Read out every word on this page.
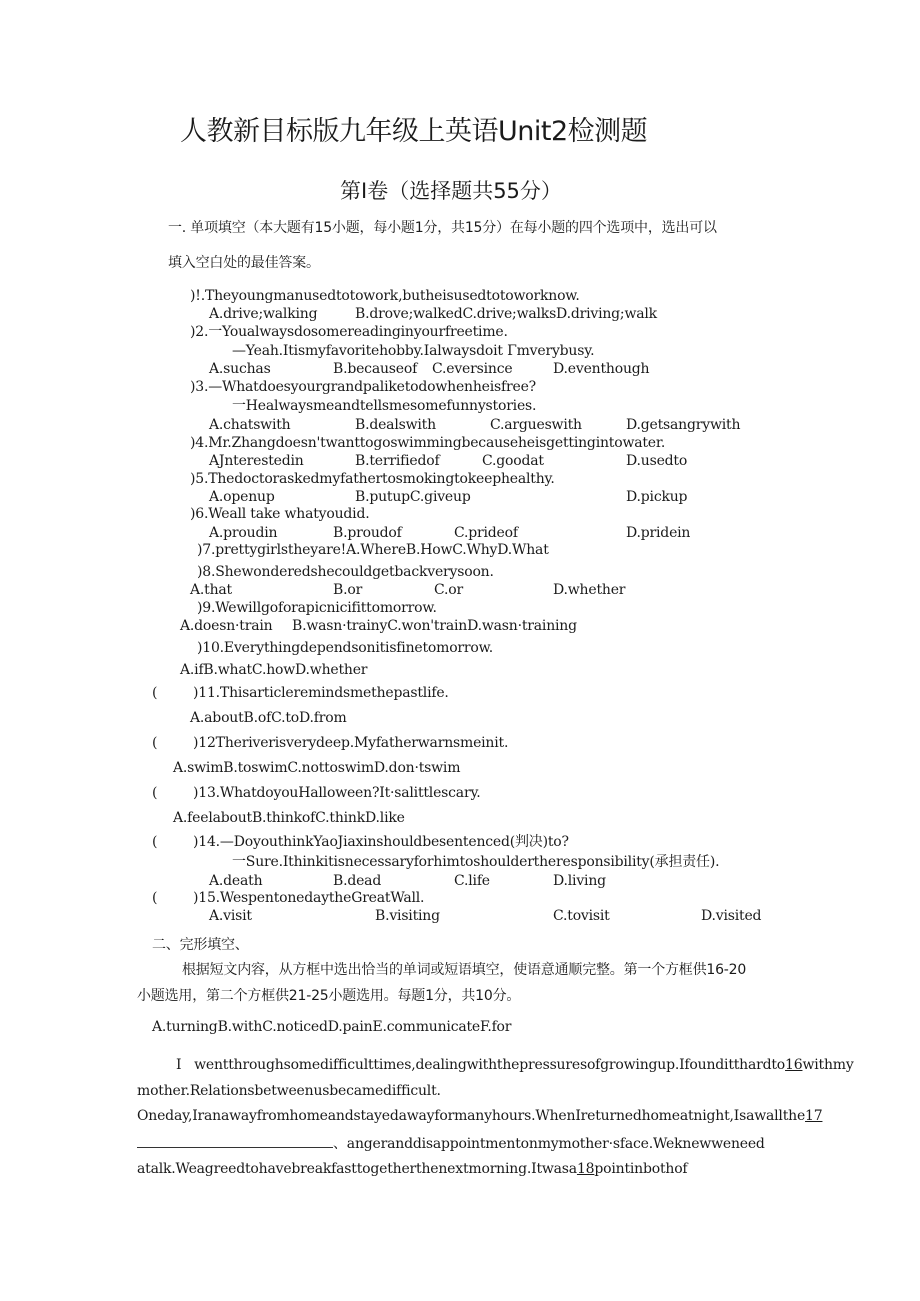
人教新目标版九年级上英语Unit2检测题
第I卷（选择题共55分）
一. 单项填空（本大题有15小题，每小题1分，共15分）在每小题的四个选项中，选出可以
填入空白处的最佳答案。
)!.Theyoungmanusedtotowork,butheisusedtotoworknow.
A.drive;walking	B.drove;walkedC.drive;walksD.driving;walk
)2.一Youalwaysdosomereadinginyourfreetime.
—Yeah.Itismyfavoritehobby.Ialwaysdoit Γmverybusy.
A.suchas	B.becauseof C.eversince	D.eventhough
)3.—Whatdoesyourgrandpaliketodowhenheisfree?
一Healwaysmeandtellsmesomefunnystories.
A.chatswith	B.dealswith	C.argueswith	D.getsangrywith
)4.Mr.Zhangdoesn'twanttogoswimmingbecauseheisgettingintowater.
AJnterestedin	B.terrifiedof	C.goodat	D.usedto
)5.Thedoctoraskedmyfathertosmokingtokeephealthy.
A.openup	B.putupC.giveup	D.pickup
)6.Weall take whatyoudid.
A.proudin	B.proudof	C.prideof	D.pridein
)7.prettygirlstheyare!A.WhereB.HowC.WhyD.What
)8.Shewonderedshecouldgetbackverysoon.
A.that	B.or	C.or	D.whether
)9.Wewillgoforapicnicifittomorrow.
A.doesn·train B.wasn·trainyC.won'trainD.wasn·training
)10.Everythingdependsonitisfinetomorrow.
A.ifB.whatC.howD.whether
(	)11.Thisarticleremindsmethepastlife.
A.aboutB.ofC.toD.from
(	)12Theriverisverydeep.Myfatherwarnsmeinit.
A.swimB.toswimC.nottoswimD.don·tswim
(	)13.WhatdoyouHalloween?It·salittlescary.
A.feelaboutB.thinkofC.thinkD.like
(	)14.—DoyouthinkYaoJiaxinshouldbesentenced(判决)to?
一Sure.Ithinkitisnecessaryforhimtoshouldertheresponsibility(承担责任).
A.death	B.dead	C.life	D.living
(	)15.WespentonedaytheGreatWall.
A.visit	B.visiting	C.tovisit	D.visited
二、完形填空、
根据短文内容，从方框中选出恰当的单词或短语填空，使语意通顺完整。第一个方框供16-20
小题选用，第二个方框供21-25小题选用。每题1分，共10分。
A.turningB.withC.noticedD.painE.communicateF.for
I wentthroughsomedifficulttimes,dealingwiththepressuresofgrowingup.Ifounditthardto16withmy
mother.Relationsbetweenusbecamedifficult.
Oneday,Iranawayfromhomeandstayedawayformanyhours.WhenIreturnedhomeatnight,Isawallthe17
、angeranddisappointmentonmymother·sface.Weknewweneed
atalk.Weagreedtohavebreakfasttogetherthenextmorning.Itwasa18pointinbothof
